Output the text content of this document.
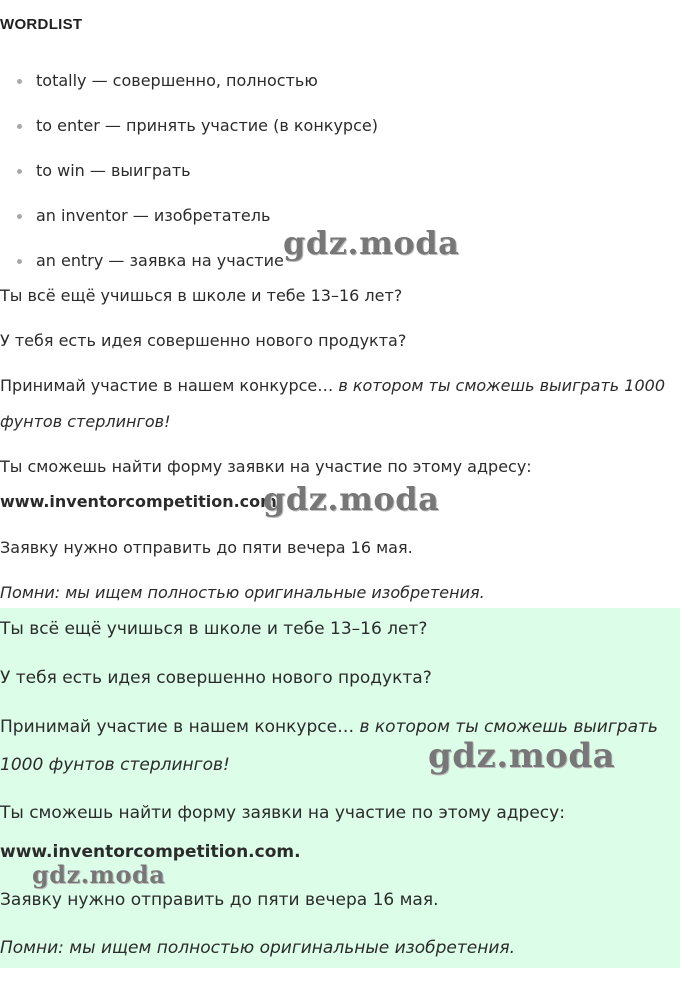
WORDLIST
totally — совершенно, полностью
to enter — принять участие (в конкурсе)
to win — выиграть
an inventor — изобретатель
an entry — заявка на участие

Ты всё ещё учишься в школе и тебе 13–16 лет?

У тебя есть идея совершенно нового продукта?

Принимай участие в нашем конкурсе… в котором ты сможешь выиграть 1000 фунтов стерлингов!

Ты сможешь найти форму заявки на участие по этому адресу:

www.inventorcompetition.com.

Заявку нужно отправить до пяти вечера 16 мая.

Помни: мы ищем полностью оригинальные изобретения.

Ты всё ещё учишься в школе и тебе 13–16 лет?

У тебя есть идея совершенно нового продукта?

Принимай участие в нашем конкурсе… в котором ты сможешь выиграть 1000 фунтов стерлингов!

Ты сможешь найти форму заявки на участие по этому адресу:

www.inventorcompetition.com.

Заявку нужно отправить до пяти вечера 16 мая.

Помни: мы ищем полностью оригинальные изобретения.

gdz.moda
gdz.moda
gdz.moda
gdz.moda
